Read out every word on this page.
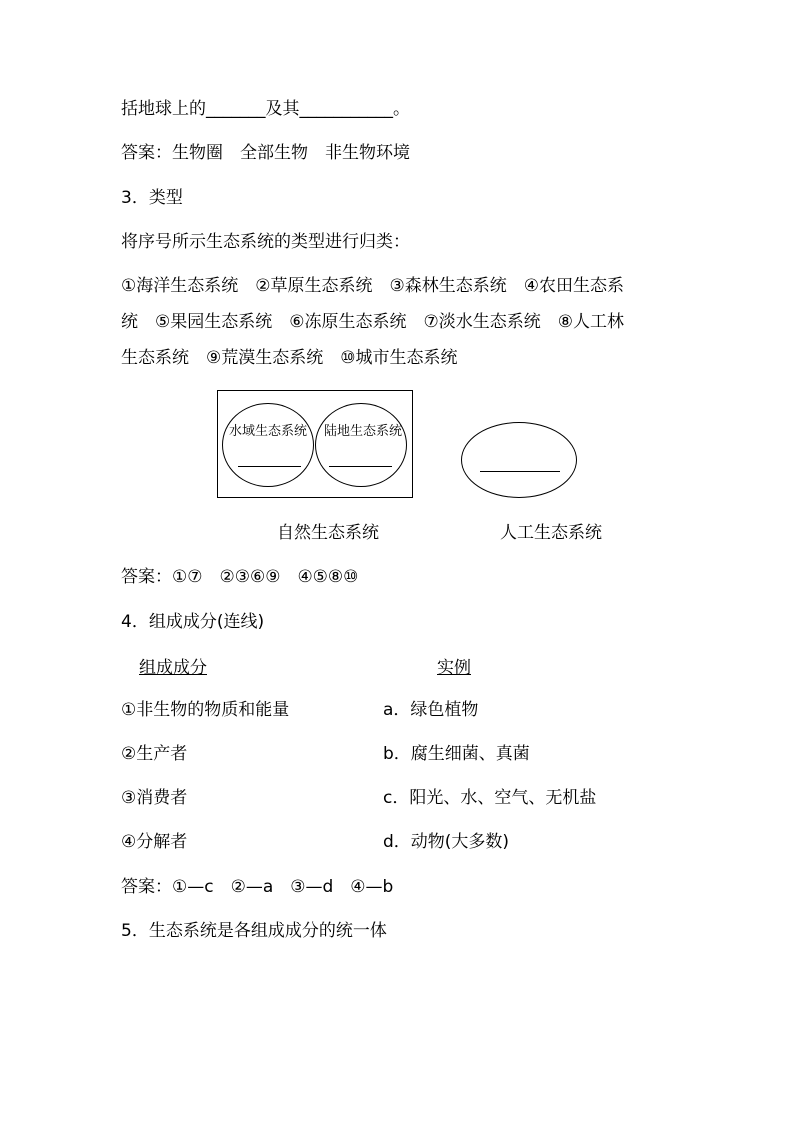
括地球上的_______及其___________。
答案：生物圈　全部生物　非生物环境
3．类型
将序号所示生态系统的类型进行归类：
①海洋生态系统　②草原生态系统　③森林生态系统　④农田生态系
统　⑤果园生态系统　⑥冻原生态系统　⑦淡水生态系统　⑧人工林
生态系统　⑨荒漠生态系统　⑩城市生态系统
水域生态系统 陆地生态系统
自然生态系统	人工生态系统
答案：①⑦　②③⑥⑨　④⑤⑧⑩
4．组成成分(连线)
组成成分	实例
①非生物的物质和能量	a．绿色植物
②生产者	b．腐生细菌、真菌
③消费者	c．阳光、水、空气、无机盐
④分解者	d．动物(大多数)
答案：①—c　②—a　③—d　④—b
5．生态系统是各组成成分的统一体
